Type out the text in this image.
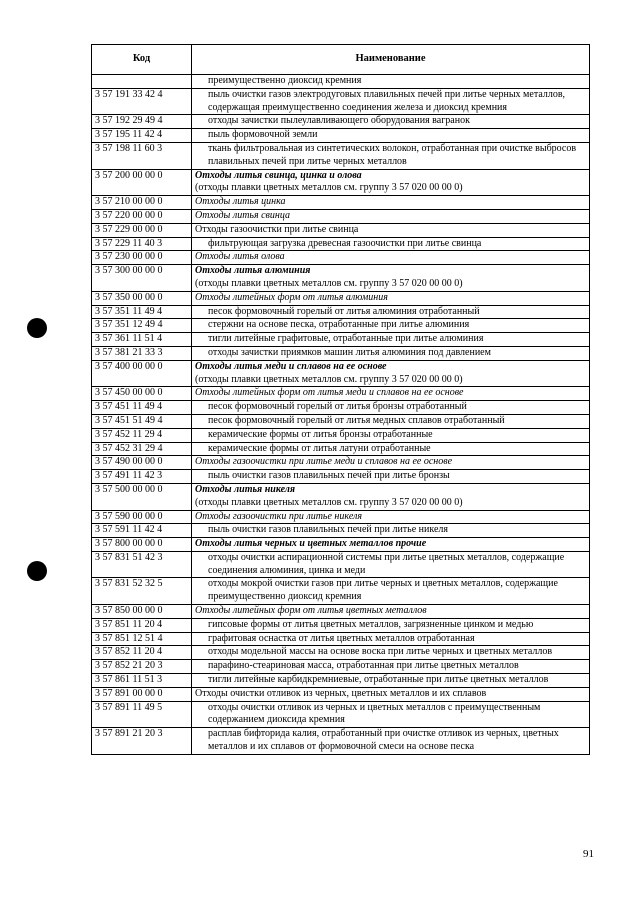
Код	Наименование
	преимущественно диоксид кремния
3 57 191 33 42 4	пыль очистки газов электродуговых плавильных печей при литье черных металлов, содержащая преимущественно соединения железа и диоксид кремния
3 57 192 29 49 4	отходы зачистки пылеулавливающего оборудования вагранок
3 57 195 11 42 4	пыль формовочной земли
3 57 198 11 60 3	ткань фильтровальная из синтетических волокон, отработанная при очистке выбросов плавильных печей при литье черных металлов
3 57 200 00 00 0	Отходы литья свинца, цинка и олова
(отходы плавки цветных металлов см. группу 3 57 020 00 00 0)

3 57 210 00 00 0	Отходы литья цинка
3 57 220 00 00 0	Отходы литья свинца
3 57 229 00 00 0	Отходы газоочистки при литье свинца
3 57 229 11 40 3	фильтрующая загрузка древесная газоочистки при литье свинца
3 57 230 00 00 0	Отходы литья олова
3 57 300 00 00 0	Отходы литья алюминия
(отходы плавки цветных металлов см. группу 3 57 020 00 00 0)

3 57 350 00 00 0	Отходы литейных форм от литья алюминия
3 57 351 11 49 4	песок формовочный горелый от литья алюминия отработанный
3 57 351 12 49 4	стержни на основе песка, отработанные при литье алюминия
3 57 361 11 51 4	тигли литейные графитовые, отработанные при литье алюминия
3 57 381 21 33 3	отходы зачистки приямков машин литья алюминия под давлением
3 57 400 00 00 0	Отходы литья меди и сплавов на ее основе
(отходы плавки цветных металлов см. группу 3 57 020 00 00 0)

3 57 450 00 00 0	Отходы литейных форм от литья меди и сплавов на ее основе
3 57 451 11 49 4	песок формовочный горелый от литья бронзы отработанный
3 57 451 51 49 4	песок формовочный горелый от литья медных сплавов отработанный
3 57 452 11 29 4	керамические формы от литья бронзы отработанные
3 57 452 31 29 4	керамические формы от литья латуни отработанные
3 57 490 00 00 0	Отходы газоочистки при литье меди и сплавов на ее основе
3 57 491 11 42 3	пыль очистки газов плавильных печей при литье бронзы
3 57 500 00 00 0	Отходы литья никеля
(отходы плавки цветных металлов см. группу 3 57 020 00 00 0)

3 57 590 00 00 0	Отходы газоочистки при литье никеля
3 57 591 11 42 4	пыль очистки газов плавильных печей при литье никеля
3 57 800 00 00 0	Отходы литья черных и цветных металлов прочие
3 57 831 51 42 3	отходы очистки аспирационной системы при литье цветных металлов, содержащие соединения алюминия, цинка и меди
3 57 831 52 32 5	отходы мокрой очистки газов при литье черных и цветных металлов, содержащие преимущественно диоксид кремния
3 57 850 00 00 0	Отходы литейных форм от литья цветных металлов
3 57 851 11 20 4	гипсовые формы от литья цветных металлов, загрязненные цинком и медью
3 57 851 12 51 4	графитовая оснастка от литья цветных металлов отработанная
3 57 852 11 20 4	отходы модельной массы на основе воска при литье черных и цветных металлов
3 57 852 21 20 3	парафино-стеариновая масса, отработанная при литье цветных металлов
3 57 861 11 51 3	тигли литейные карбидкремниевые, отработанные при литье цветных металлов
3 57 891 00 00 0	Отходы очистки отливок из черных, цветных металлов и их сплавов
3 57 891 11 49 5	отходы очистки отливок из черных и цветных металлов с преимущественным содержанием диоксида кремния
3 57 891 21 20 3	расплав бифторида калия, отработанный при очистке отливок из черных, цветных металлов и их сплавов от формовочной смеси на основе песка
91
